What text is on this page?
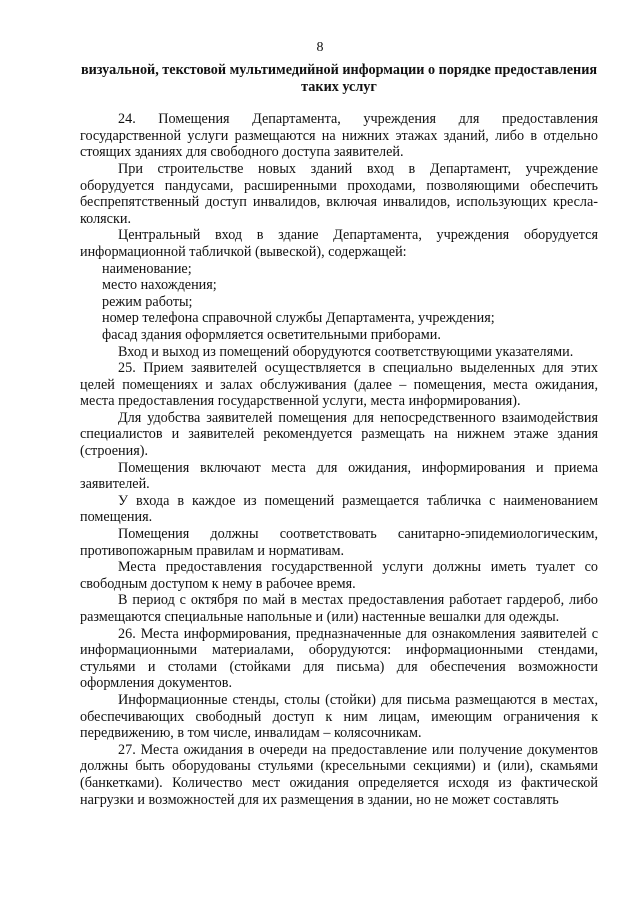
8

визуальной, текстовой мультимедийной информации о порядке предоставления таких услуг

24. Помещения Департамента, учреждения для предоставления государственной услуги размещаются на нижних этажах зданий, либо в отдельно стоящих зданиях для свободного доступа заявителей.

При строительстве новых зданий вход в Департамент, учреждение оборудуется пандусами, расширенными проходами, позволяющими обеспечить беспрепятственный доступ инвалидов, включая инвалидов, использующих кресла-коляски.

Центральный вход в здание Департамента, учреждения оборудуется информационной табличкой (вывеской), содержащей:

наименование;

место нахождения;

режим работы;

номер телефона справочной службы Департамента, учреждения;

фасад здания оформляется осветительными приборами.

Вход и выход из помещений оборудуются соответствующими указателями.

25. Прием заявителей осуществляется в специально выделенных для этих целей помещениях и залах обслуживания (далее – помещения, места ожидания, места предоставления государственной услуги, места информирования).

Для удобства заявителей помещения для непосредственного взаимодействия специалистов и заявителей рекомендуется размещать на нижнем этаже здания (строения).

Помещения включают места для ожидания, информирования и приема заявителей.

У входа в каждое из помещений размещается табличка с наименованием помещения.

Помещения должны соответствовать санитарно-эпидемиологическим, противопожарным правилам и нормативам.

Места предоставления государственной услуги должны иметь туалет со свободным доступом к нему в рабочее время.

В период с октября по май в местах предоставления работает гардероб, либо размещаются специальные напольные и (или) настенные вешалки для одежды.

26. Места информирования, предназначенные для ознакомления заявителей с информационными материалами, оборудуются: информационными стендами, стульями и столами (стойками для письма) для обеспечения возможности оформления документов.

Информационные стенды, столы (стойки) для письма размещаются в местах, обеспечивающих свободный доступ к ним лицам, имеющим ограничения к передвижению, в том числе, инвалидам – колясочникам.

27. Места ожидания в очереди на предоставление или получение документов должны быть оборудованы стульями (кресельными секциями) и (или), скамьями (банкетками). Количество мест ожидания определяется исходя из фактической нагрузки и возможностей для их размещения в здании, но не может составлять
